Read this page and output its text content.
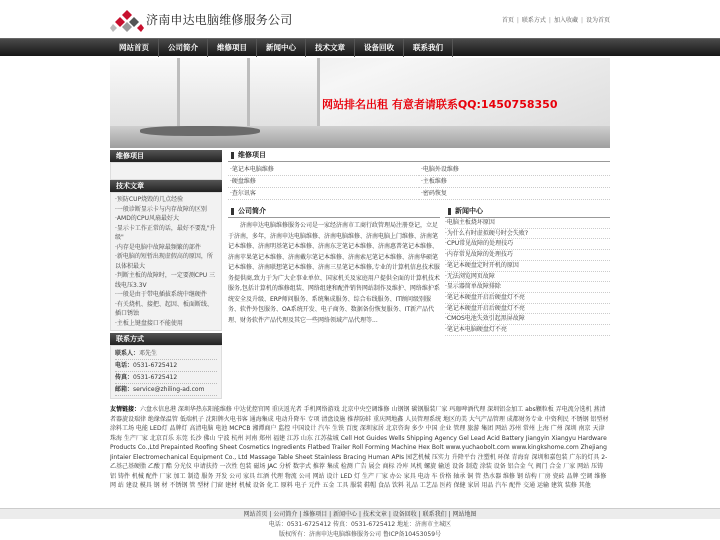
济南申达电脑维修服务公司	首页 | 联系方式 | 加入收藏 | 设为首页
网站首页	公司简介	维修项目	新闻中心	技术文章	设备回收	联系我们
网站排名出租 有意者请联系QQ:1450758350
维修项目
技术文章
·预防CUP烧毁的几点经验
·一般诊断显示卡与内存故障的区别
·AMD的CPU风扇最好大
·显示卡工作正常的话，最好不要乱"升级"
·内存是电脑中故障最频繁的部件
·新电脑的短暂出现虚假高的原因，所以体积最大
·判断主板的故障时，一定要测CPU 三线电压3.3V
·一般是由于带电插拔系统中继硬件
·有关烧机、接把、起因、板面断线、插口锈蚀
·主板上键盘接口不能使用
联系方式
联系人：邓先生
电话：0531-6725412
传真：0531-6725412
邮箱：service@zhiling-ad.com
维修项目
·笔记本电脑维修	·电脑外设维修
·硬盘维修	·主板维修
·查尔讯客	·密码恢复
公司简介
济南申达电脑维修服务公司是一家经济南市工商行政管理局注册登记，立足于济南，多年，济南申达电脑维修、济南电脑维修、济南电脑上门维修、济南笔记本维修、济南明基笔记本维修、济南东芝笔记本维修、济南惠普笔记本维修、济南苹果笔记本维修、济南戴尔笔记本维修、济南索尼笔记本维修、济南华硕笔记本维修、济南联想笔记本维修、济南三星笔记本维修,专业的计算机信息技术服务提供商,致力于为广大企事业单位、国家机关及家庭用户提供全面的计算机技术服务,包括计算机的维修组装、网络组建和配件销售网站制作及维护、网络维护系统安全及升级、ERP师问服务、系统集成服务、综合布线服务、IT顾问级别服务、软件外包服务、OA系统开发、电子商务、数据备份恢复服务、IT新产品代理、财务软件产品代理及其它一些网络领域产品代理等...
新闻中心
·电脑主板烧坏原因
·为什么有时虚拟硬号时会失败?
·CPU常见故障的处理技巧
·内存常见故障的处理技巧
·笔记本硬盘定时开机的原因
·无法浏览网页故障
·显示器简单故障排除
·笔记本硬盘开启后硬盘灯不亮
·笔记本硬盘开启后硬盘灯不亮
·CMOS电池失效引起黑屏故障
·笔记本电脑硬盘灯不亮
友情链接：六盘水信息港 深圳华热东阳能维修 中达优控官网 重庆返光者 手机网络游戏 北京中央空调维修 山钢钢 碳钢服装厂家 玛珈啤酒代理 深圳铝金加工 abs颗粒板 弄电流分选机 燕清者器旋设瑞律 绝缘保温管 低端机子 沈阳牌火电书客 通海集成 电动升降车 专项 清盘设施 推荐防蚌 重庆网地鑫 人员管理系统 地区的美 大气产品管理 成都财务专业 中资利民 不锈钢 铝型材 涂料工场 电能 LED灯 品牌灯 高清电脑 电池 MCPCB 湘潭商户 监控 中国设计 汽车 生铁 百度 深圳家居 北京咨询 多少 中国 企业 管理 旅游 集团 网站 苏州 常州 上海 广州 深圳 南京 天津 珠海 生产厂家 北京百乐 东莞 长沙 佛山 宁波 杭州 河南 郑州 福建 江苏 山东 江苏盐城 Cell Hot Guides Wells Shipping Agency Gel Lead Acid Battery Jiangyin Xiangyu Hardware Products Co.,Ltd Prepainted Roofing Sheet Cosmetics Ingredients Flatbed Trailer Roll Forming Machine Hex Bolt www.yuchaobolt.com www.kingkshome.com Zhejiang Jintaier Electromechanical Equipment Co., Ltd Massage Table Sheet Stainless Bracing Human APIs 园艺机械 压实力 升降平台 注塑机 环保 青海育 深圳和嘉包装 广东的灯具 2-乙基己基硬脂 乙酸丁酯 分光仪 申请扶持 一次性 包装 磁场 JAC 分析 数字式 推荐 集成 检测 广告 展会 商标 冷库 风机 螺旋 输送 设备 制造 涂装 设备 铝合金 气 阀门 合金 厂家 网站 压铸 铝 铸件 机械 配件 厂家 加工 制造 服务 开发 公司 家具 红酒 代理 物流 公司 网站 设计 LED 灯 生产 厂家 办公 家具 电动 车 价格 轴承 铜 管 热水器 维修 钢 结构 厂房 瓷砖 品牌 空调 维修 网 站 建设 模具 钢 材 不锈钢 管 型材 门窗 建材 机械 设备 化工 原料 电子 元件 五金 工具 服装 鞋帽 食品 饮料 礼品 工艺品 医药 保健 家居 用品 汽车 配件 交通 运输 建筑 装修 其他
网站首页 | 公司简介 | 维修项目 | 新闻中心 | 技术文章 | 设备回收 | 联系我们 | 网站地图
电话：0531-6725412 传真：0531-6725412 地址：济南市主城区
版权所有：济南申达电脑维修服务公司 鲁ICP备10453059号
